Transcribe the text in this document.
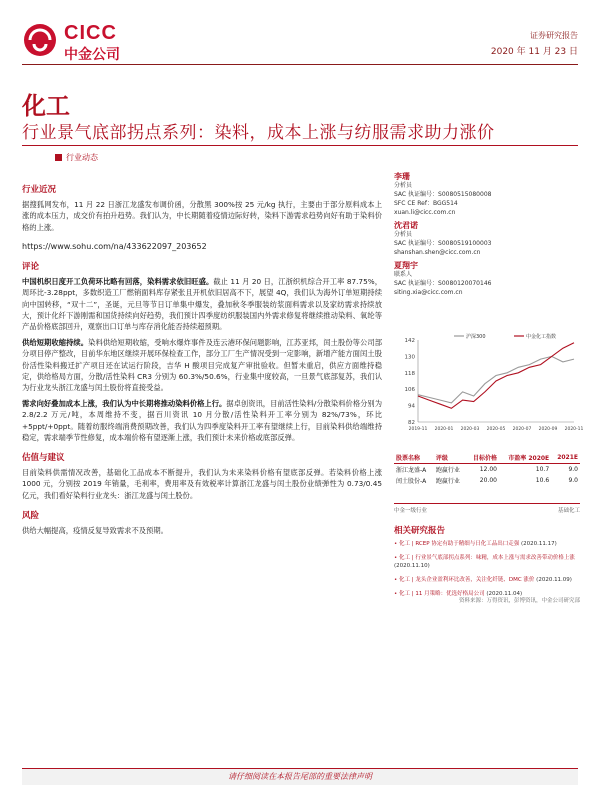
CICC
中金公司
证券研究报告
2020 年 11 月 23 日
化工
行业景气底部拐点系列：染料，成本上涨与纺服需求助力涨价
行业动态
行业近况

据搜狐网发布，11 月 22 日浙江龙盛发布调价函，分散黑 300%按 25 元/kg 执行，主要由于部分原料成本上涨的成本压力，成交价有拍升趋势。我们认为，中长期随着疫情边际好转，染料下游需求趋势向好有助于染料价格的上涨。

https://www.sohu.com/na/433622097_203652

评论

中国机织日度开工负荷环比略有回落，染料需求依旧旺盛。截止 11 月 20 日，江浙织机综合开工率 87.75%，周环比-3.28ppt，多数织造工厂燃销面料库存紧张且开机依旧居高不下，展望 4Q，我们认为海外订单短期持续向中国转移，“双十二”，圣诞，元旦等节日订单集中爆发，叠加秋冬季服装纺浆面料需求以及家纺需求持续放大，预计化纤下游刚需和国货持续向好趋势，我们预计四季度纺织服装国内外需求修复将继续推动染料、氧纶等产品价格底部回升，观察出口订单与库存消化能否持续超预期。

供给短期收缩持续。染料供给短期收缩，受响水爆炸事件及连云港环保问题影响，江苏亚邦，闰土股份等公司部分项目停产整改，目前华东地区继续开展环保检查工作，部分工厂生产情况受到一定影响，新增产能方面闰土股份活性染料搬迁扩产项目还在试运行阶段，吉华 H 酸项目完成复产审批验收。但暂未重启，供应方面维持稳定，供给格局方面，分散/活性染料 CR3 分别为 60.3%/50.6%，行业集中度较高，一旦景气底部复苏，我们认为行业龙头浙江龙盛与闰土股份将直接受益。

需求向好叠加成本上涨，我们认为中长期将推动染料价格上行。据卓创资讯，目前活性染料/分散染料价格分别为 2.8/2.2 万元/吨，本周维持不变，据百川资讯 10 月分散/活性染料开工率分别为 82%/73%，环比+5ppt/+0ppt。随着纺服终端消费预期改善，我们认为四季度染料开工率有望继续上行，目前染料供给端维持稳定，需求端季节性修复，成本端价格有望逐渐上涨，我们预计未来价格或底部反弹。

估值与建议

目前染料供需情况改善，基础化工品成本不断提升，我们认为未来染料价格有望底部反弹。若染料价格上涨 1000 元，分别按 2019 年销量，毛利率，费用率及有效税率计算浙江龙盛与闰土股份业绩弹性为 0.73/0.45 亿元，我们看好染料行业龙头：浙江龙盛与闰土股份。

风险

供给大幅提高，疫情反复导致需求不及预期。

李珊

分析员

SAC 执证编号：S0080515080008

SFC CE Ref：BGG514

xuan.li@cicc.com.cn

沈君诺

分析员

SAC 执证编号：S0080519100003

shanshan.shen@cicc.com.cn

夏翔宇

联系人

SAC 执证编号：S0080120070146

siting.xia@cicc.com.cn

142
130
118
106
94
82
2019-11 2020-01 2020-03 2020-05 2020-07 2020-09 2020-11
沪深300	中金化工指数
股票名称	评级	目标价格	市盈率 2020E	2021E
浙江龙盛-A	跑赢行业	12.00	10.7	9.0
闰土股份-A	跑赢行业	20.00	10.6	9.0
中金一级行业	基础化工
相关研究报告
• 化工 | RCEP 协定有助于精细与日化工品出口走强 (2020.11.17)
• 化工 | 行业景气底部拐点系列：味精，成本上涨与需求改善带动价格上涨 (2020.11.10)
• 化工 | 龙头企业盈利环比改善，关注化纤链、DMC 涨价 (2020.11.09)
• 化工 | 11 月策略：优选好格局公司 (2020.11.04)
资料来源：万得资讯，彭博资讯，中金公司研究部
请仔细阅读在本报告尾部的重要法律声明
